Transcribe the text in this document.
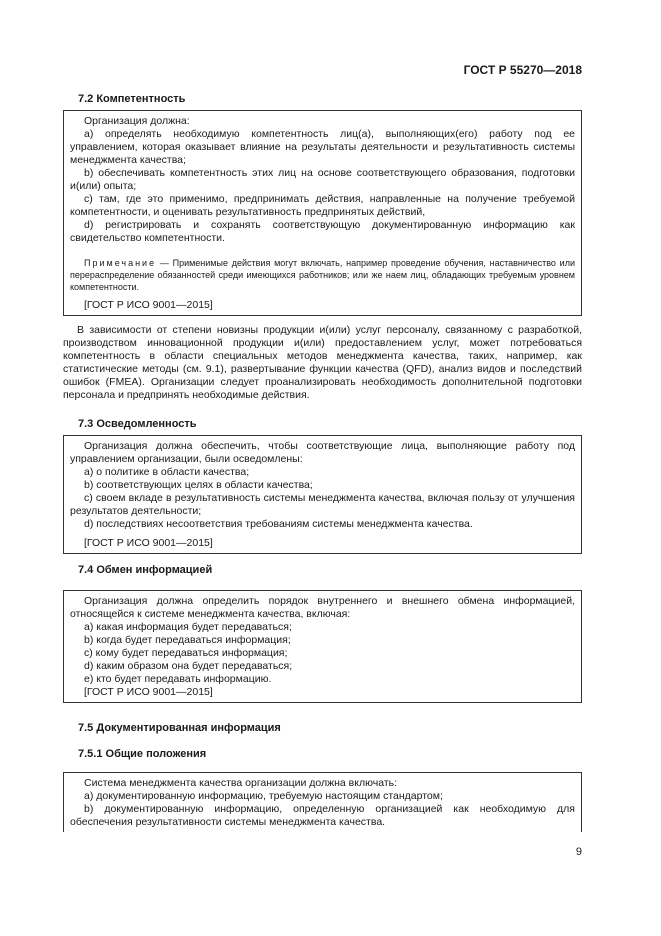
ГОСТ Р 55270—2018
7.2 Компетентность

Организация должна:

a) определять необходимую компетентность лиц(а), выполняющих(его) работу под ее управлением, которая оказывает влияние на результаты деятельности и результативность системы менеджмента качества;

b) обеспечивать компетентность этих лиц на основе соответствующего образования, подготовки и(или) опыта;

c) там, где это применимо, предпринимать действия, направленные на получение требуемой компетентности, и оценивать результативность предпринятых действий,

d) регистрировать и сохранять соответствующую документированную информацию как свидетельство компетентности.

Примечание — Применимые действия могут включать, например проведение обучения, наставничество или перераспределение обязанностей среди имеющихся работников; или же наем лиц, обладающих требуемым уровнем компетентности.

[ГОСТ Р ИСО 9001—2015]

В зависимости от степени новизны продукции и(или) услуг персоналу, связанному с разработкой, производством инновационной продукции и(или) предоставлением услуг, может потребоваться компетентность в области специальных методов менеджмента качества, таких, например, как статистические методы (см. 9.1), развертывание функции качества (QFD), анализ видов и последствий ошибок (FMEA). Организации следует проанализировать необходимость дополнительной подготовки персонала и предпринять необходимые действия.

7.3 Осведомленность

Организация должна обеспечить, чтобы соответствующие лица, выполняющие работу под управлением организации, были осведомлены:

a) о политике в области качества;

b) соответствующих целях в области качества;

c) своем вкладе в результативность системы менеджмента качества, включая пользу от улучшения результатов деятельности;

d) последствиях несоответствия требованиям системы менеджмента качества.

[ГОСТ Р ИСО 9001—2015]

7.4 Обмен информацией

Организация должна определить порядок внутреннего и внешнего обмена информацией, относящейся к системе менеджмента качества, включая:

a) какая информация будет передаваться;

b) когда будет передаваться информация;

c) кому будет передаваться информация;

d) каким образом она будет передаваться;

e) кто будет передавать информацию.

[ГОСТ Р ИСО 9001—2015]

7.5 Документированная информация
7.5.1 Общие положения

Система менеджмента качества организации должна включать:

a) документированную информацию, требуемую настоящим стандартом;

b) документированную информацию, определенную организацией как необходимую для обеспечения результативности системы менеджмента качества.

9
